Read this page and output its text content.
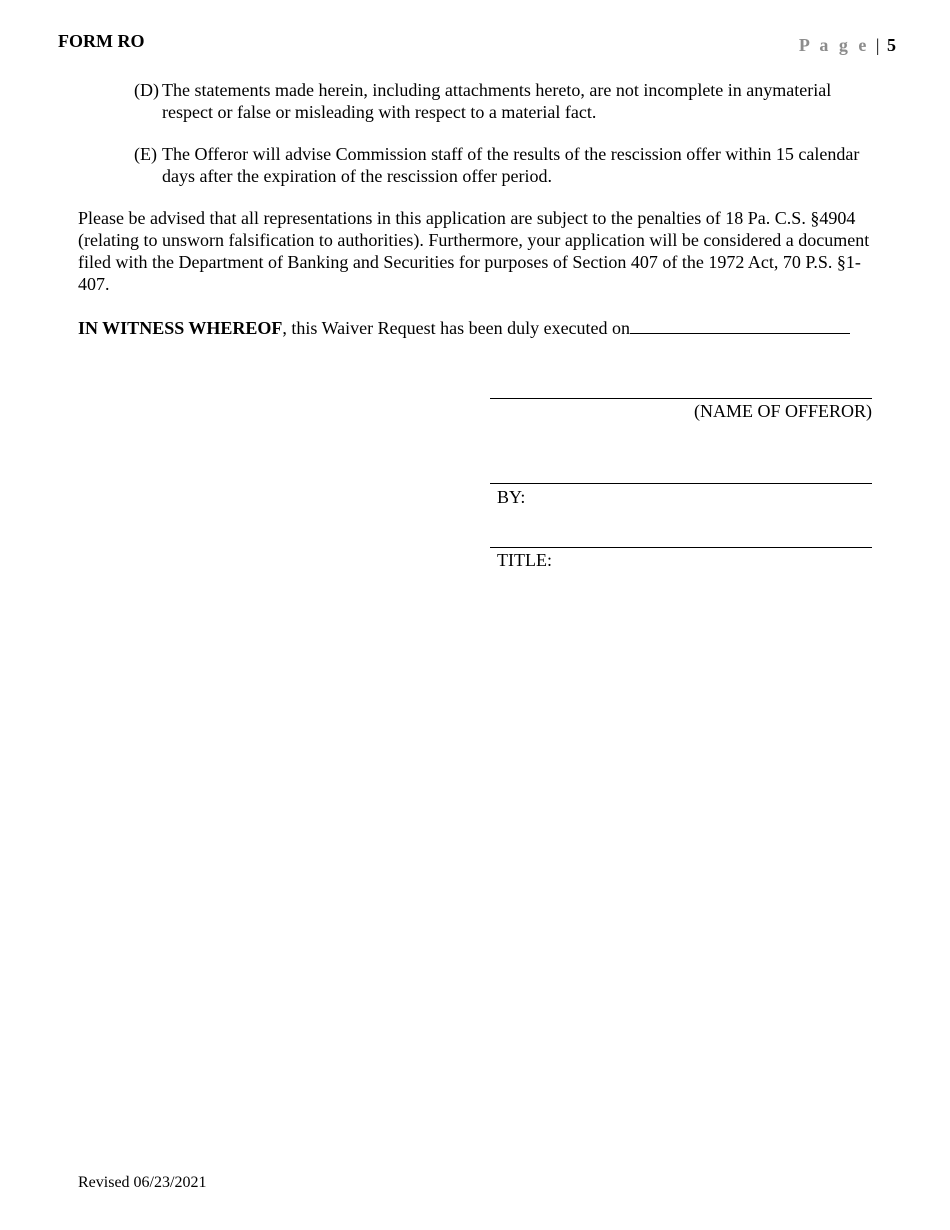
FORM RO	P a g e | 5
(D) The statements made herein, including attachments hereto, are not incomplete in anymaterial respect or false or misleading with respect to a material fact.
(E) The Offeror will advise Commission staff of the results of the rescission offer within 15 calendar days after the expiration of the rescission offer period.
Please be advised that all representations in this application are subject to the penalties of 18 Pa. C.S. §4904 (relating to unsworn falsification to authorities). Furthermore, your application will be considered a document filed with the Department of Banking and Securities for purposes of Section 407 of the 1972 Act, 70 P.S. §1-407.
IN WITNESS WHEREOF, this Waiver Request has been duly executed on
(NAME OF OFFEROR)
BY:
TITLE:
Revised 06/23/2021
